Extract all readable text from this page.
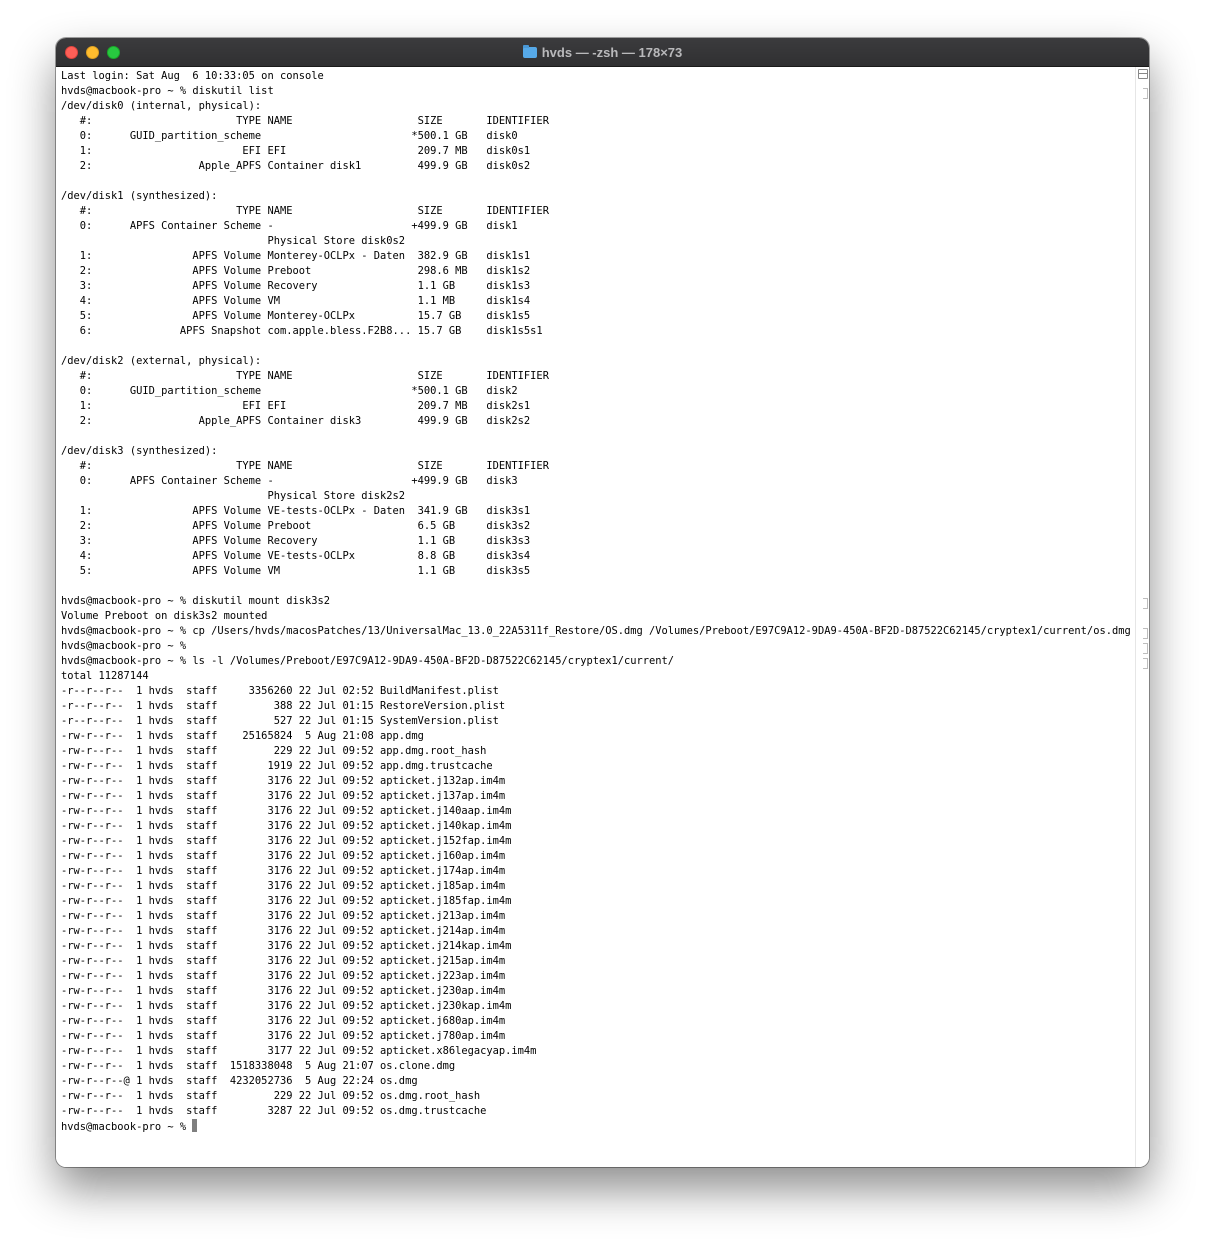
hvds — -zsh — 178×73
Last login: Sat Aug  6 10:33:05 on console
hvds@macbook-pro ~ % diskutil list
/dev/disk0 (internal, physical):
#:                       TYPE NAME                    SIZE       IDENTIFIER
0:      GUID_partition_scheme                        *500.1 GB   disk0
1:                        EFI EFI                     209.7 MB   disk0s1
2:                 Apple_APFS Container disk1         499.9 GB   disk0s2
/dev/disk1 (synthesized):
#:                       TYPE NAME                    SIZE       IDENTIFIER
0:      APFS Container Scheme -                      +499.9 GB   disk1
Physical Store disk0s2
1:                APFS Volume Monterey-OCLPx - Daten  382.9 GB   disk1s1
2:                APFS Volume Preboot                 298.6 MB   disk1s2
3:                APFS Volume Recovery                1.1 GB     disk1s3
4:                APFS Volume VM                      1.1 MB     disk1s4
5:                APFS Volume Monterey-OCLPx          15.7 GB    disk1s5
6:              APFS Snapshot com.apple.bless.F2B8... 15.7 GB    disk1s5s1
/dev/disk2 (external, physical):
#:                       TYPE NAME                    SIZE       IDENTIFIER
0:      GUID_partition_scheme                        *500.1 GB   disk2
1:                        EFI EFI                     209.7 MB   disk2s1
2:                 Apple_APFS Container disk3         499.9 GB   disk2s2
/dev/disk3 (synthesized):
#:                       TYPE NAME                    SIZE       IDENTIFIER
0:      APFS Container Scheme -                      +499.9 GB   disk3
Physical Store disk2s2
1:                APFS Volume VE-tests-OCLPx - Daten  341.9 GB   disk3s1
2:                APFS Volume Preboot                 6.5 GB     disk3s2
3:                APFS Volume Recovery                1.1 GB     disk3s3
4:                APFS Volume VE-tests-OCLPx          8.8 GB     disk3s4
5:                APFS Volume VM                      1.1 GB     disk3s5
hvds@macbook-pro ~ % diskutil mount disk3s2
Volume Preboot on disk3s2 mounted
hvds@macbook-pro ~ % cp /Users/hvds/macosPatches/13/UniversalMac_13.0_22A5311f_Restore/OS.dmg /Volumes/Preboot/E97C9A12-9DA9-450A-BF2D-D87522C62145/cryptex1/current/os.dmg
hvds@macbook-pro ~ %
hvds@macbook-pro ~ % ls -l /Volumes/Preboot/E97C9A12-9DA9-450A-BF2D-D87522C62145/cryptex1/current/
total 11287144
-r--r--r--  1 hvds  staff     3356260 22 Jul 02:52 BuildManifest.plist
-r--r--r--  1 hvds  staff         388 22 Jul 01:15 RestoreVersion.plist
-r--r--r--  1 hvds  staff         527 22 Jul 01:15 SystemVersion.plist
-rw-r--r--  1 hvds  staff    25165824  5 Aug 21:08 app.dmg
-rw-r--r--  1 hvds  staff         229 22 Jul 09:52 app.dmg.root_hash
-rw-r--r--  1 hvds  staff        1919 22 Jul 09:52 app.dmg.trustcache
-rw-r--r--  1 hvds  staff        3176 22 Jul 09:52 apticket.j132ap.im4m
-rw-r--r--  1 hvds  staff        3176 22 Jul 09:52 apticket.j137ap.im4m
-rw-r--r--  1 hvds  staff        3176 22 Jul 09:52 apticket.j140aap.im4m
-rw-r--r--  1 hvds  staff        3176 22 Jul 09:52 apticket.j140kap.im4m
-rw-r--r--  1 hvds  staff        3176 22 Jul 09:52 apticket.j152fap.im4m
-rw-r--r--  1 hvds  staff        3176 22 Jul 09:52 apticket.j160ap.im4m
-rw-r--r--  1 hvds  staff        3176 22 Jul 09:52 apticket.j174ap.im4m
-rw-r--r--  1 hvds  staff        3176 22 Jul 09:52 apticket.j185ap.im4m
-rw-r--r--  1 hvds  staff        3176 22 Jul 09:52 apticket.j185fap.im4m
-rw-r--r--  1 hvds  staff        3176 22 Jul 09:52 apticket.j213ap.im4m
-rw-r--r--  1 hvds  staff        3176 22 Jul 09:52 apticket.j214ap.im4m
-rw-r--r--  1 hvds  staff        3176 22 Jul 09:52 apticket.j214kap.im4m
-rw-r--r--  1 hvds  staff        3176 22 Jul 09:52 apticket.j215ap.im4m
-rw-r--r--  1 hvds  staff        3176 22 Jul 09:52 apticket.j223ap.im4m
-rw-r--r--  1 hvds  staff        3176 22 Jul 09:52 apticket.j230ap.im4m
-rw-r--r--  1 hvds  staff        3176 22 Jul 09:52 apticket.j230kap.im4m
-rw-r--r--  1 hvds  staff        3176 22 Jul 09:52 apticket.j680ap.im4m
-rw-r--r--  1 hvds  staff        3176 22 Jul 09:52 apticket.j780ap.im4m
-rw-r--r--  1 hvds  staff        3177 22 Jul 09:52 apticket.x86legacyap.im4m
-rw-r--r--  1 hvds  staff  1518338048  5 Aug 21:07 os.clone.dmg
-rw-r--r--@ 1 hvds  staff  4232052736  5 Aug 22:24 os.dmg
-rw-r--r--  1 hvds  staff         229 22 Jul 09:52 os.dmg.root_hash
-rw-r--r--  1 hvds  staff        3287 22 Jul 09:52 os.dmg.trustcache
hvds@macbook-pro ~ %
